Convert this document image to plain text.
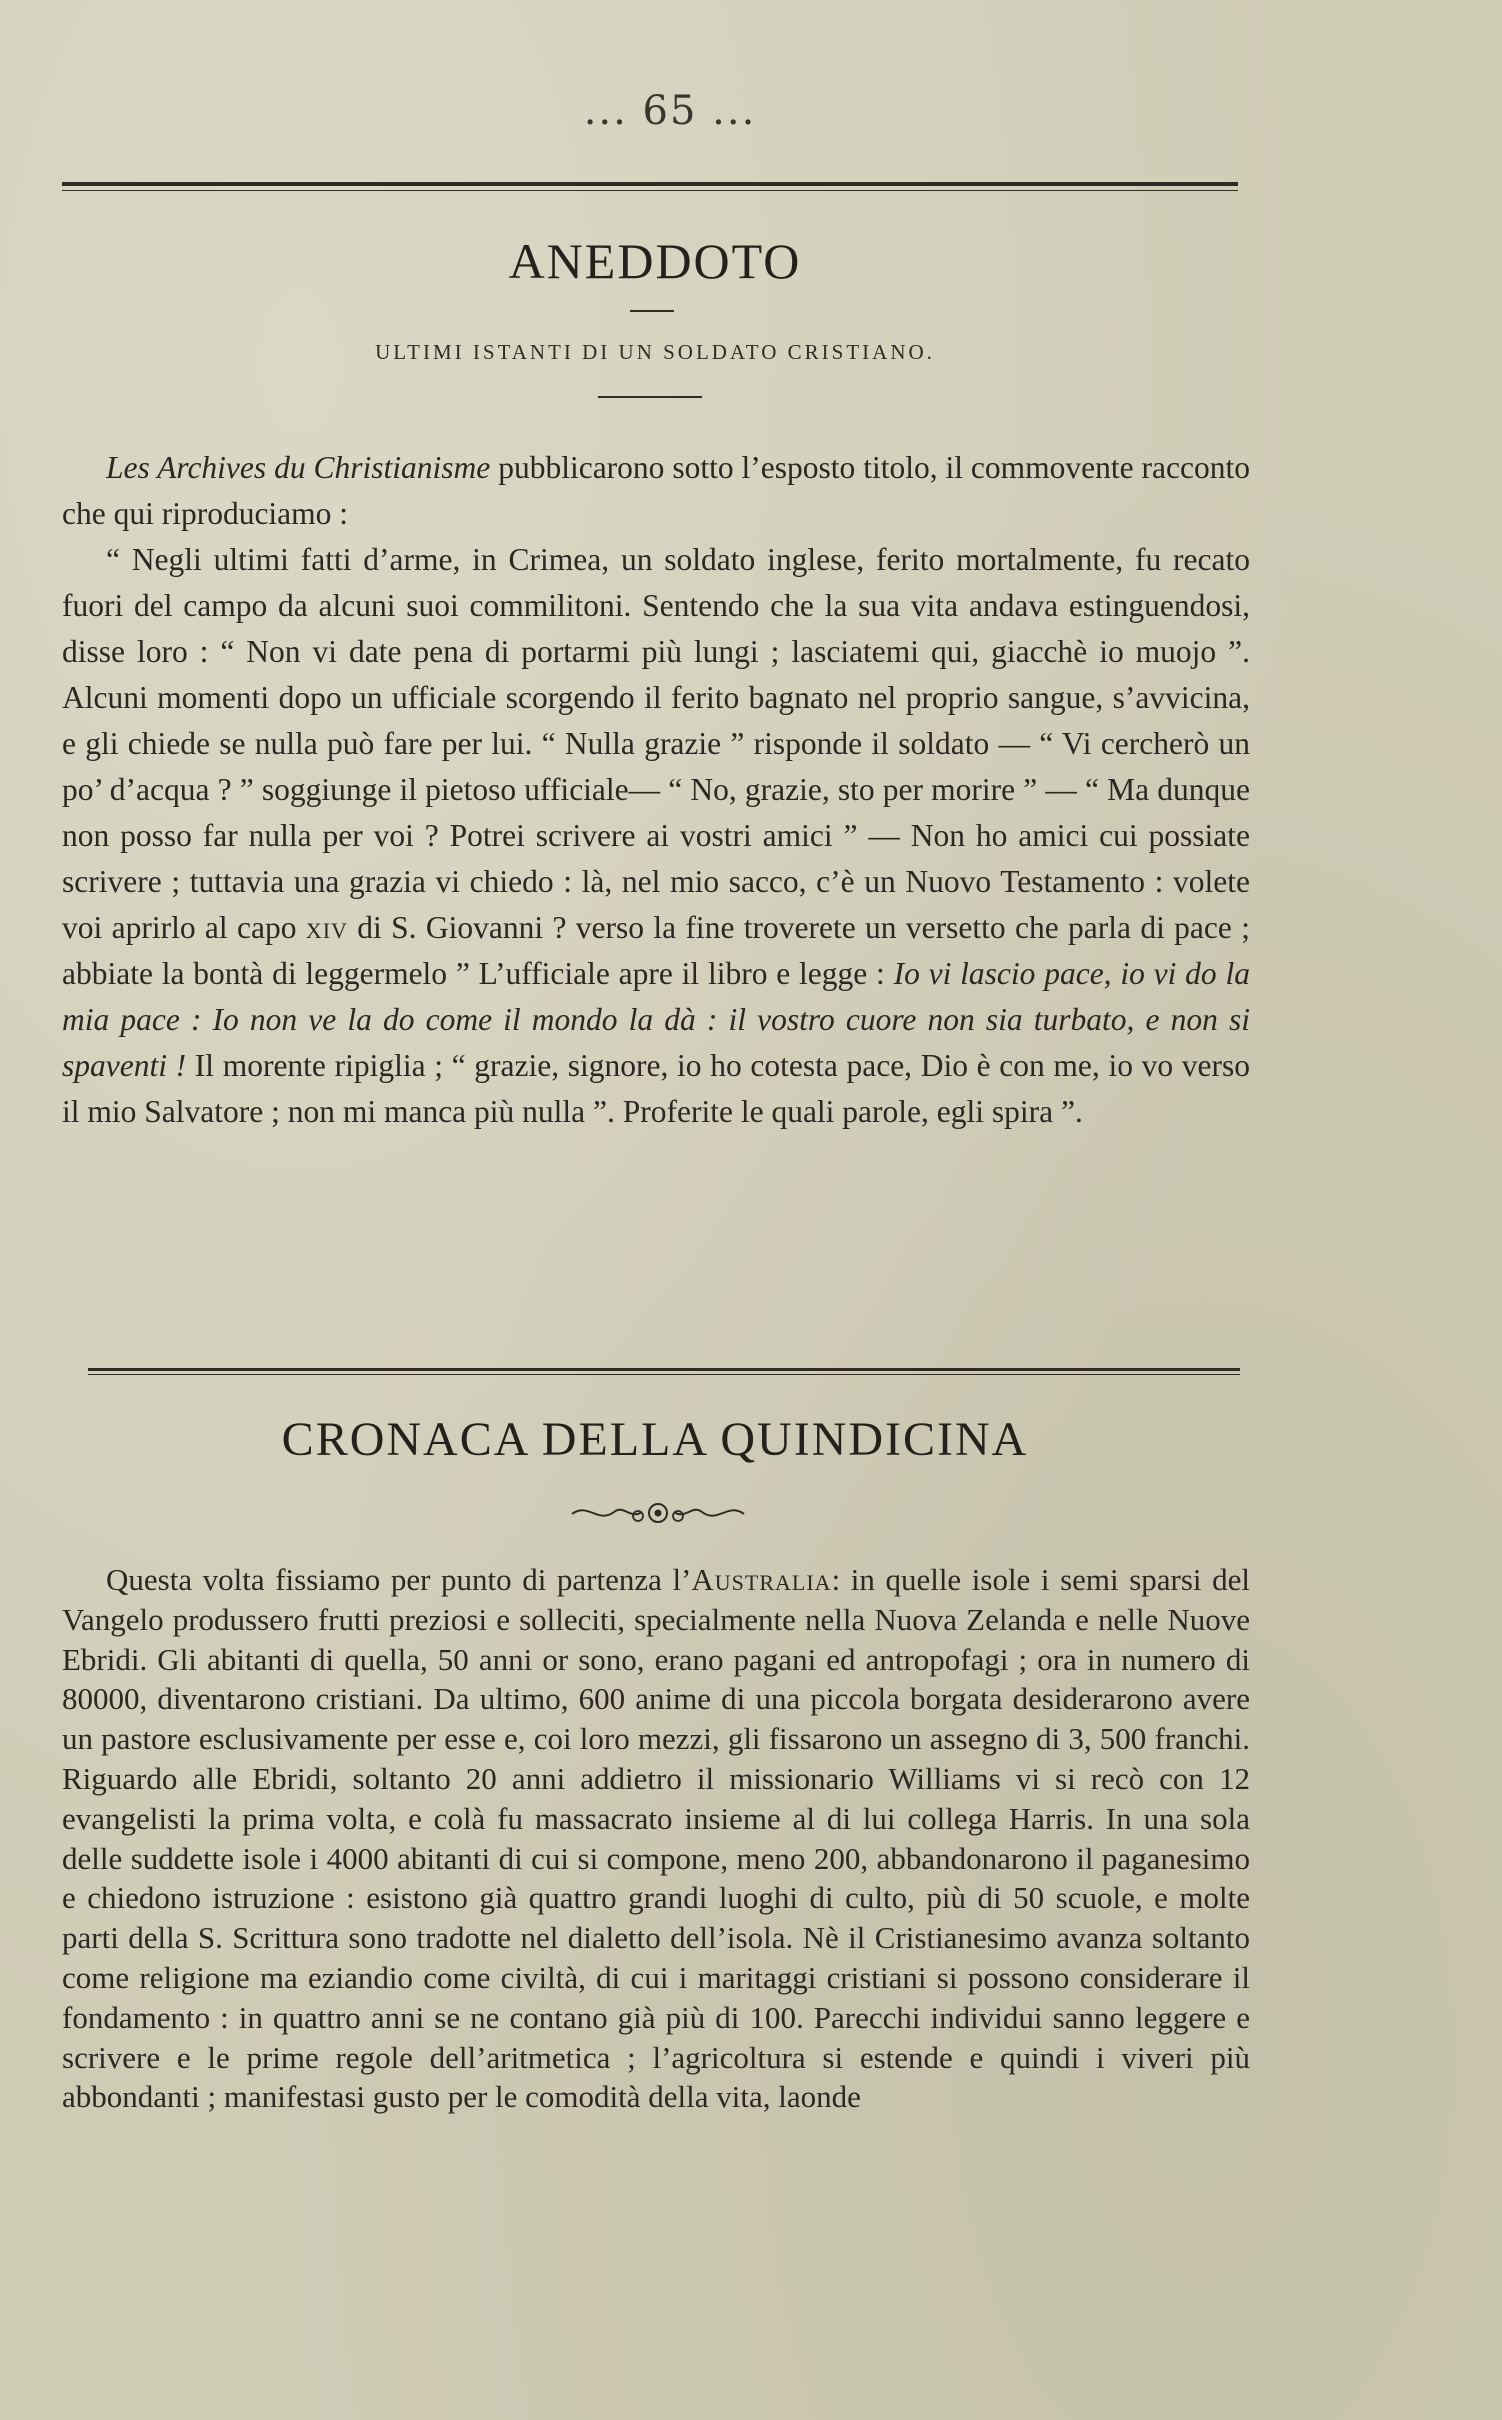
... 65 ...
ANEDDOTO
ULTIMI ISTANTI DI UN SOLDATO CRISTIANO.

Les Archives du Christianisme pubblicarono sotto l’esposto titolo, il commovente racconto che qui riproduciamo :

“ Negli ultimi fatti d’arme, in Crimea, un soldato inglese, ferito mortalmente, fu recato fuori del campo da alcuni suoi commilitoni. Sentendo che la sua vita andava estinguendosi, disse loro : “ Non vi date pena di portarmi più lungi ; lasciatemi qui, giacchè io muojo ”. Alcuni momenti dopo un ufficiale scorgendo il ferito bagnato nel proprio sangue, s’avvicina, e gli chiede se nulla può fare per lui. “ Nulla grazie ” risponde il soldato — “ Vi cercherò un po’ d’acqua ? ” soggiunge il pietoso ufficiale— “ No, grazie, sto per morire ” — “ Ma dunque non posso far nulla per voi ? Potrei scrivere ai vostri amici ” — Non ho amici cui possiate scrivere ; tuttavia una grazia vi chiedo : là, nel mio sacco, c’è un Nuovo Testamento : volete voi aprirlo al capo xiv di S. Giovanni ? verso la fine troverete un versetto che parla di pace ; abbiate la bontà di leggermelo ” L’ufficiale apre il libro e legge : Io vi lascio pace, io vi do la mia pace : Io non ve la do come il mondo la dà : il vostro cuore non sia turbato, e non si spaventi ! Il morente ripiglia ; “ grazie, signore, io ho cotesta pace, Dio è con me, io vo verso il mio Salvatore ; non mi manca più nulla ”. Proferite le quali parole, egli spira ”.

CRONACA DELLA QUINDICINA

Questa volta fissiamo per punto di partenza l’Australia: in quelle isole i semi sparsi del Vangelo produssero frutti preziosi e solleciti, specialmente nella Nuova Zelanda e nelle Nuove Ebridi. Gli abitanti di quella, 50 anni or sono, erano pagani ed antropofagi ; ora in numero di 80000, diventarono cristiani. Da ultimo, 600 anime di una piccola borgata desiderarono avere un pastore esclusivamente per esse e, coi loro mezzi, gli fissarono un assegno di 3, 500 franchi. Riguardo alle Ebridi, soltanto 20 anni addietro il missionario Williams vi si recò con 12 evangelisti la prima volta, e colà fu massacrato insieme al di lui collega Harris. In una sola delle suddette isole i 4000 abitanti di cui si compone, meno 200, abbandonarono il paganesimo e chiedono istruzione : esistono già quattro grandi luoghi di culto, più di 50 scuole, e molte parti della S. Scrittura sono tradotte nel dialetto dell’isola. Nè il Cristianesimo avanza soltanto come religione ma eziandio come civiltà, di cui i maritaggi cristiani si possono considerare il fondamento : in quattro anni se ne contano già più di 100. Parecchi individui sanno leggere e scrivere e le prime regole dell’aritmetica ; l’agricoltura si estende e quindi i viveri più abbondanti ; manifestasi gusto per le comodità della vita, laonde
